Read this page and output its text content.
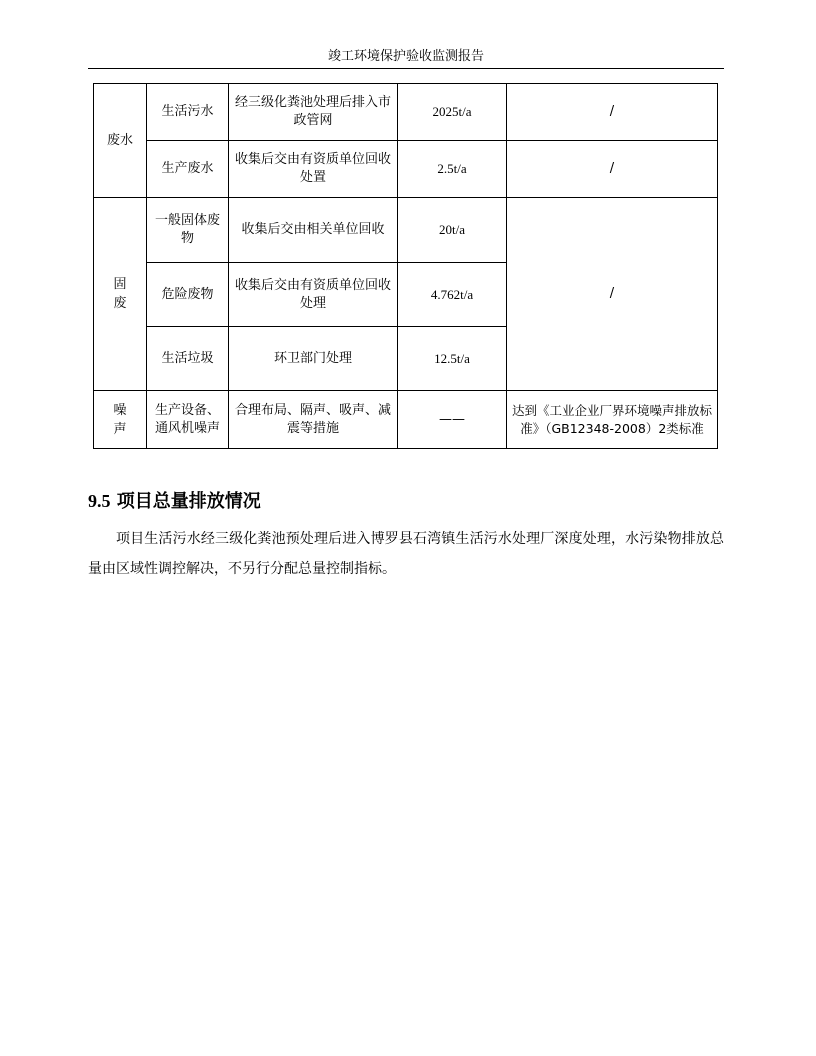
竣工环境保护验收监测报告
废水	生活污水	经三级化粪池处理后排入市政管网	2025t/a	/
	生产废水	收集后交由有资质单位回收处置	2.5t/a	/
固废	一般固体废物	收集后交由相关单位回收	20t/a	/
	危险废物	收集后交由有资质单位回收处理	4.762t/a	
	生活垃圾	环卫部门处理	12.5t/a	
噪声	生产设备、通风机噪声	合理布局、隔声、吸声、减震等措施	——	达到《工业企业厂界环境噪声排放标准》（GB12348-2008）2类标准
9.5 项目总量排放情况

项目生活污水经三级化粪池预处理后进入博罗县石湾镇生活污水处理厂深度处理，水污染物排放总量由区域性调控解决，不另行分配总量控制指标。
